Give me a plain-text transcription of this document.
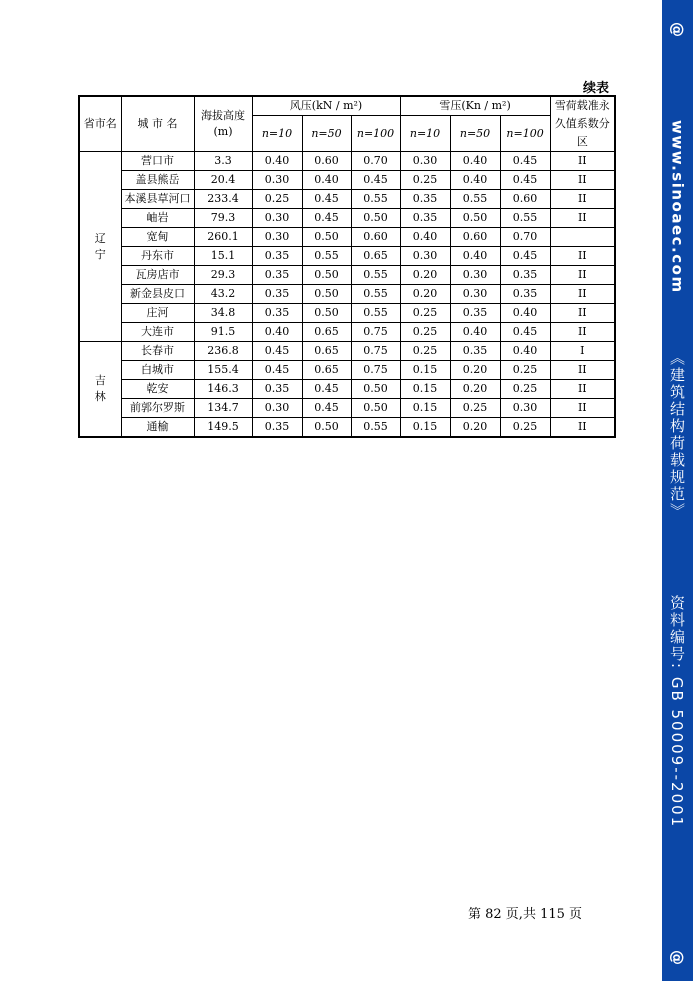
@
www.sinoaec.com
《建筑结构荷载规范》
资料编号: GB 50009--2001
@
续表
省市名	城 市 名	海拔高度
(m)	风压(kN / m²)			雪压(Kn / m²)			雪荷载准永久值系数分区
			n=10	n=50	n=100	n=10	n=50	n=100	
辽
宁	营口市	3.3	0.40	0.60	0.70	0.30	0.40	0.45	II
	盖县熊岳	20.4	0.30	0.40	0.45	0.25	0.40	0.45	II
	本溪县草河口	233.4	0.25	0.45	0.55	0.35	0.55	0.60	II
	岫岩	79.3	0.30	0.45	0.50	0.35	0.50	0.55	II
	宽甸	260.1	0.30	0.50	0.60	0.40	0.60	0.70	
	丹东市	15.1	0.35	0.55	0.65	0.30	0.40	0.45	II
	瓦房店市	29.3	0.35	0.50	0.55	0.20	0.30	0.35	II
	新金县皮口	43.2	0.35	0.50	0.55	0.20	0.30	0.35	II
	庄河	34.8	0.35	0.50	0.55	0.25	0.35	0.40	II
	大连市	91.5	0.40	0.65	0.75	0.25	0.40	0.45	II
吉
林	长春市	236.8	0.45	0.65	0.75	0.25	0.35	0.40	I
	白城市	155.4	0.45	0.65	0.75	0.15	0.20	0.25	II
	乾安	146.3	0.35	0.45	0.50	0.15	0.20	0.25	II
	前郭尔罗斯	134.7	0.30	0.45	0.50	0.15	0.25	0.30	II
	通榆	149.5	0.35	0.50	0.55	0.15	0.20	0.25	II
第 82 页,共 115 页
